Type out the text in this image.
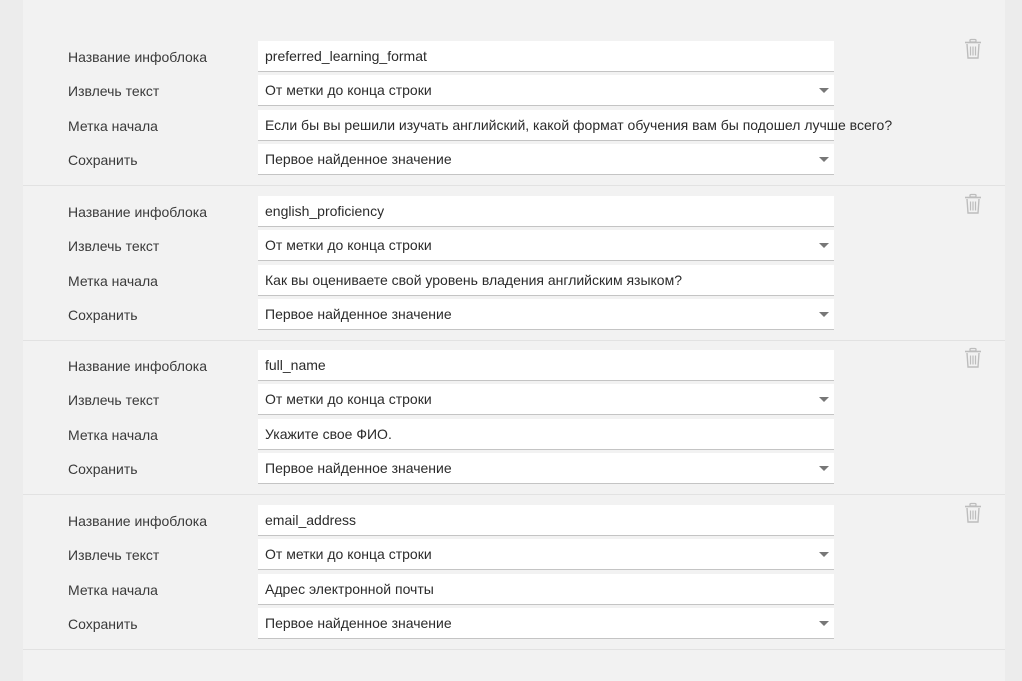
Название инфоблока	preferred_learning_format
Извлечь текст	От метки до конца строки
Метка начала	Если бы вы решили изучать английский, какой формат обучения вам бы подошел лучше всего?
Сохранить	Первое найденное значение
Название инфоблока	english_proficiency
Извлечь текст	От метки до конца строки
Метка начала	Как вы оцениваете свой уровень владения английским языком?
Сохранить	Первое найденное значение
Название инфоблока	full_name
Извлечь текст	От метки до конца строки
Метка начала	Укажите свое ФИО.
Сохранить	Первое найденное значение
Название инфоблока	email_address
Извлечь текст	От метки до конца строки
Метка начала	Адрес электронной почты
Сохранить	Первое найденное значение
